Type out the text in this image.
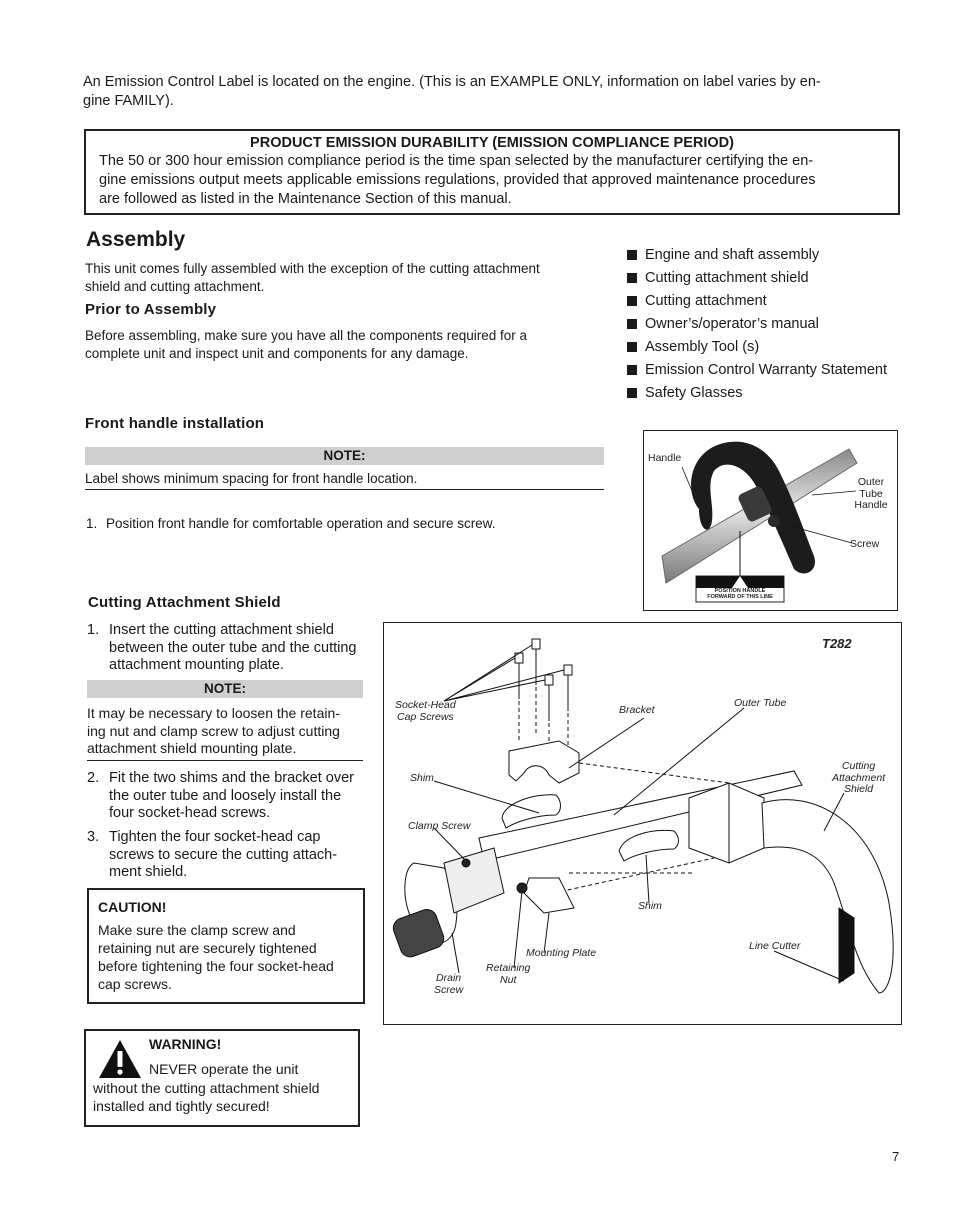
An Emission Control Label is located on the engine. (This is an EXAMPLE ONLY, information on label varies by en-
gine FAMILY).
PRODUCT EMISSION DURABILITY (EMISSION COMPLIANCE PERIOD)
The 50 or 300 hour emission compliance period is the time span selected by the manufacturer certifying the en-
gine emissions output meets applicable emissions regulations, provided that approved maintenance procedures
are followed as listed in the Maintenance Section of this manual.
Assembly
This unit comes fully assembled with the exception of the cutting attachment
shield and cutting attachment.
Prior to Assembly
Before assembling, make sure you have all the components required for a
complete unit and inspect unit and components for any damage.
Engine and shaft assembly
Cutting attachment shield
Cutting attachment
Owner’s/operator’s manual
Assembly Tool (s)
Emission Control Warranty Statement
Safety Glasses
Front handle installation
NOTE:
Label shows minimum spacing for front handle location.
1. Position front handle for comfortable operation and secure screw.
Handle
Outer
Tube
Handle
Screw
POSITION HANDLE
FORWARD OF THIS LINE
Cutting Attachment Shield
1. Insert the cutting attachment shield
between the outer tube and the cutting
attachment mounting plate.
NOTE:
It may be necessary to loosen the retain-
ing nut and clamp screw to adjust cutting
attachment shield mounting plate.
2. Fit the two shims and the bracket over
the outer tube and loosely install the
four socket-head screws.
3. Tighten the four socket-head cap
screws to secure the cutting attach-
ment shield.
CAUTION!
Make sure the clamp screw and
retaining nut are securely tightened
before tightening the four socket-head
cap screws.
WARNING!
NEVER operate the unit
without the cutting attachment shield
installed and tightly secured!
T282
Socket-Head
Cap Screws
Bracket
Outer Tube
Cutting
Attachment
Shield
Shim
Clamp Screw
Shim
Line Cutter
Mounting Plate
Retaining
Nut
Drain
Screw
7
